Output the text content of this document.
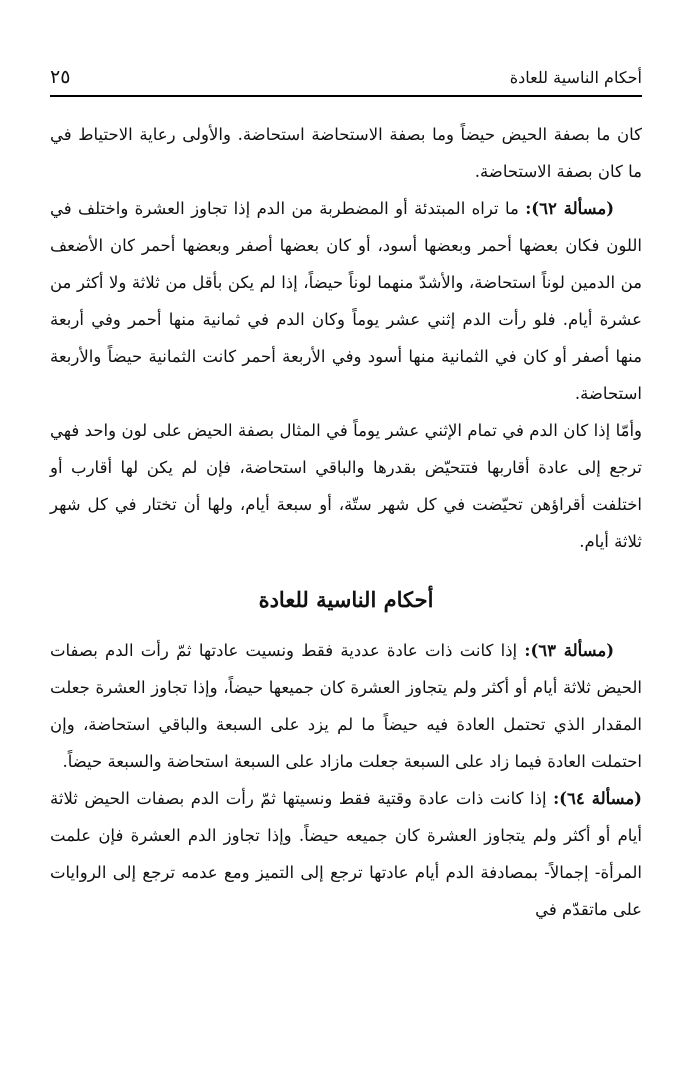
أحكام الناسية للعادة
٢٥

كان ما بصفة الحيض حيضاً وما بصفة الاستحاضة استحاضة. والأولى رعاية الاحتياط في ما كان بصفة الاستحاضة.

(مسألة ٦٢): ما تراه المبتدئة أو المضطربة من الدم إذا تجاوز العشرة واختلف في اللون فكان بعضها أحمر وبعضها أسود، أو كان بعضها أصفر وبعضها أحمر كان الأضعف من الدمين لوناً استحاضة، والأشدّ منهما لوناً حيضاً، إذا لم يكن بأقل من ثلاثة ولا أكثر من عشرة أيام. فلو رأت الدم إثني عشر يوماً وكان الدم في ثمانية منها أحمر وفي أربعة منها أصفر أو كان في الثمانية منها أسود وفي الأربعة أحمر كانت الثمانية حيضاً والأربعة استحاضة.

وأمّا إذا كان الدم في تمام الإثني عشر يوماً في المثال بصفة الحيض على لون واحد فهي ترجع إلى عادة أقاربها فتتحيّض بقدرها والباقي استحاضة، فإن لم يكن لها أقارب أو اختلفت أقراؤهن تحيّضت في كل شهر ستّة، أو سبعة أيام، ولها أن تختار في كل شهر ثلاثة أيام.

أحكام الناسية للعادة

(مسألة ٦٣): إذا كانت ذات عادة عددية فقط ونسيت عادتها ثمّ رأت الدم بصفات الحيض ثلاثة أيام أو أكثر ولم يتجاوز العشرة كان جميعها حيضاً، وإذا تجاوز العشرة جعلت المقدار الذي تحتمل العادة فيه حيضاً ما لم يزد على السبعة والباقي استحاضة، وإن احتملت العادة فيما زاد على السبعة جعلت مازاد على السبعة استحاضة والسبعة حيضاً.

(مسألة ٦٤): إذا كانت ذات عادة وقتية فقط ونسيتها ثمّ رأت الدم بصفات الحيض ثلاثة أيام أو أكثر ولم يتجاوز العشرة كان جميعه حيضاً. وإذا تجاوز الدم العشرة فإن علمت المرأة- إجمالاً- بمصادفة الدم أيام عادتها ترجع إلى التميز ومع عدمه ترجع إلى الروايات على ماتقدّم في
